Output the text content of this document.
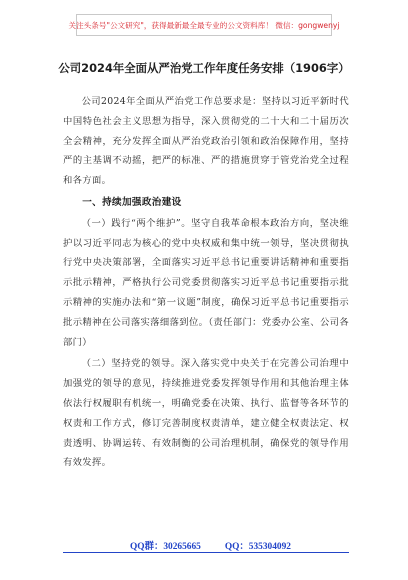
关注头条号"公文研究"，获得最新最全最专业的公文资料库！ 微信：gongwenyj
公司2024年全面从严治党工作年度任务安排（1906字）

公司2024年全面从严治党工作总要求是：坚持以习近平新时代中国特色社会主义思想为指导，深入贯彻党的二十大和二十届历次全会精神，充分发挥全面从严治党政治引领和政治保障作用，坚持严的主基调不动摇，把严的标准、严的措施贯穿于管党治党全过程和各方面。

一、持续加强政治建设

（一）践行“两个维护”。坚守自我革命根本政治方向，坚决维护以习近平同志为核心的党中央权威和集中统一领导，坚决贯彻执行党中央决策部署，全面落实习近平总书记重要讲话精神和重要指示批示精神，严格执行公司党委贯彻落实习近平总书记重要指示批示精神的实施办法和“第一议题”制度，确保习近平总书记重要指示批示精神在公司落实落细落到位。（责任部门：党委办公室、公司各部门）

（二）坚持党的领导。深入落实党中央关于在完善公司治理中加强党的领导的意见，持续推进党委发挥领导作用和其他治理主体依法行权履职有机统一，明确党委在决策、执行、监督等各环节的权责和工作方式，修订完善制度权责清单，建立健全权责法定、权责透明、协调运转、有效制衡的公司治理机制，确保党的领导作用有效发挥。

QQ群：30265665	QQ：535304092
